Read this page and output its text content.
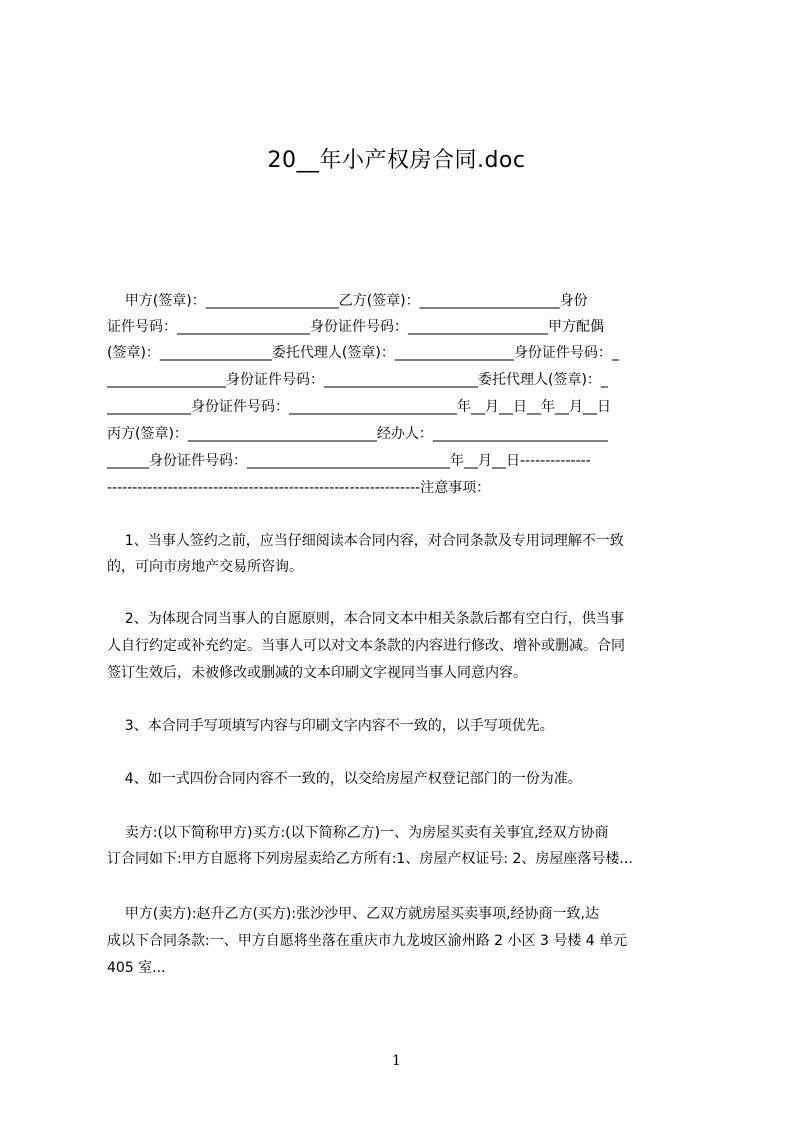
20__年小产权房合同.doc
甲方(签章)：___________________乙方(签章)：____________________身份
证件号码：___________________身份证件号码：____________________甲方配偶
(签章)：________________委托代理人(签章)：_________________身份证件号码：_
_________________身份证件号码：______________________委托代理人(签章)：_
____________身份证件号码：________________________年__月__日__年__月__日
丙方(签章)：___________________________经办人：_________________________
______身份证件号码：_____________________________年__月__日--------------
--------------------------------------------------------------注意事项：
1、当事人签约之前，应当仔细阅读本合同内容，对合同条款及专用词理解不一致
的，可向市房地产交易所咨询。
2、为体现合同当事人的自愿原则，本合同文本中相关条款后都有空白行，供当事
人自行约定或补充约定。当事人可以对文本条款的内容进行修改、增补或删减。合同
签订生效后，未被修改或删减的文本印刷文字视同当事人同意内容。
3、本合同手写项填写内容与印刷文字内容不一致的，以手写项优先。
4、如一式四份合同内容不一致的，以交给房屋产权登记部门的一份为准。
卖方:(以下简称甲方)买方:(以下简称乙方)一、为房屋买卖有关事宜,经双方协商
订合同如下:甲方自愿将下列房屋卖给乙方所有:1、房屋产权证号: 2、房屋座落号楼...
甲方(卖方):赵升乙方(买方):张沙沙甲、乙双方就房屋买卖事项,经协商一致,达
成以下合同条款:一、甲方自愿将坐落在重庆市九龙坡区渝州路 2 小区 3 号楼 4 单元
405 室...
1
